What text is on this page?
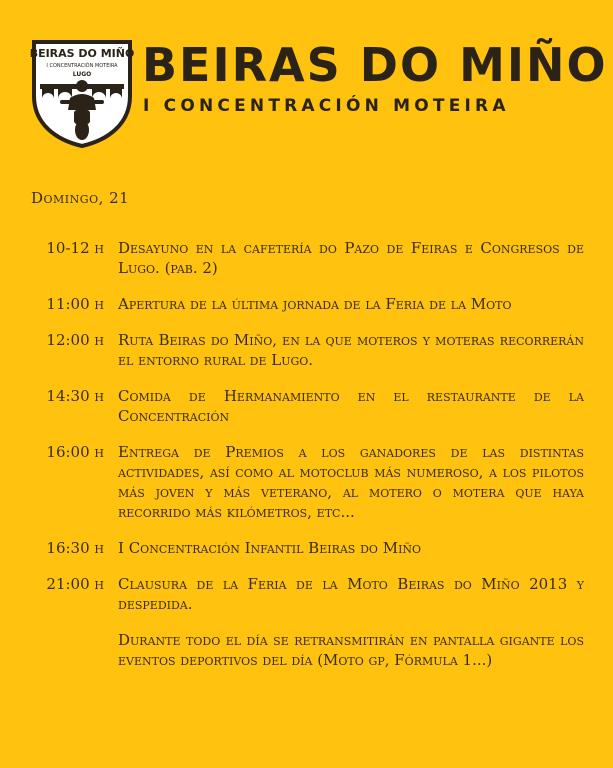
BEIRAS DO MIÑO
I CONCENTRACIÓN MOTEIRA
LUGO BEIRAS DO MIÑO
I CONCENTRACIÓN MOTEIRA
Domingo, 21
10-12 h Desayuno en la cafetería do Pazo de Feiras e Congresos de Lugo. (pab. 2)
11:00 h Apertura de la última jornada de la Feria de la Moto
12:00 h Ruta Beiras do Miño, en la que moteros y moteras recorrerán el entorno rural de Lugo.
14:30 h Comida de Hermanamiento en el restaurante de la Concentración
16:00 h Entrega de Premios a los ganadores de las distintas actividades, así como al motoclub más numeroso, a los pilotos más joven y más veterano, al motero o motera que haya recorrido más kilómetros, etc...
16:30 h I Concentración Infantil Beiras do Miño
21:00 h Clausura de la Feria de la Moto Beiras do Miño 2013 y despedida.
Durante todo el día se retransmitirán en pantalla gigante los eventos deportivos del día (Moto gp, Fórmula 1...)
